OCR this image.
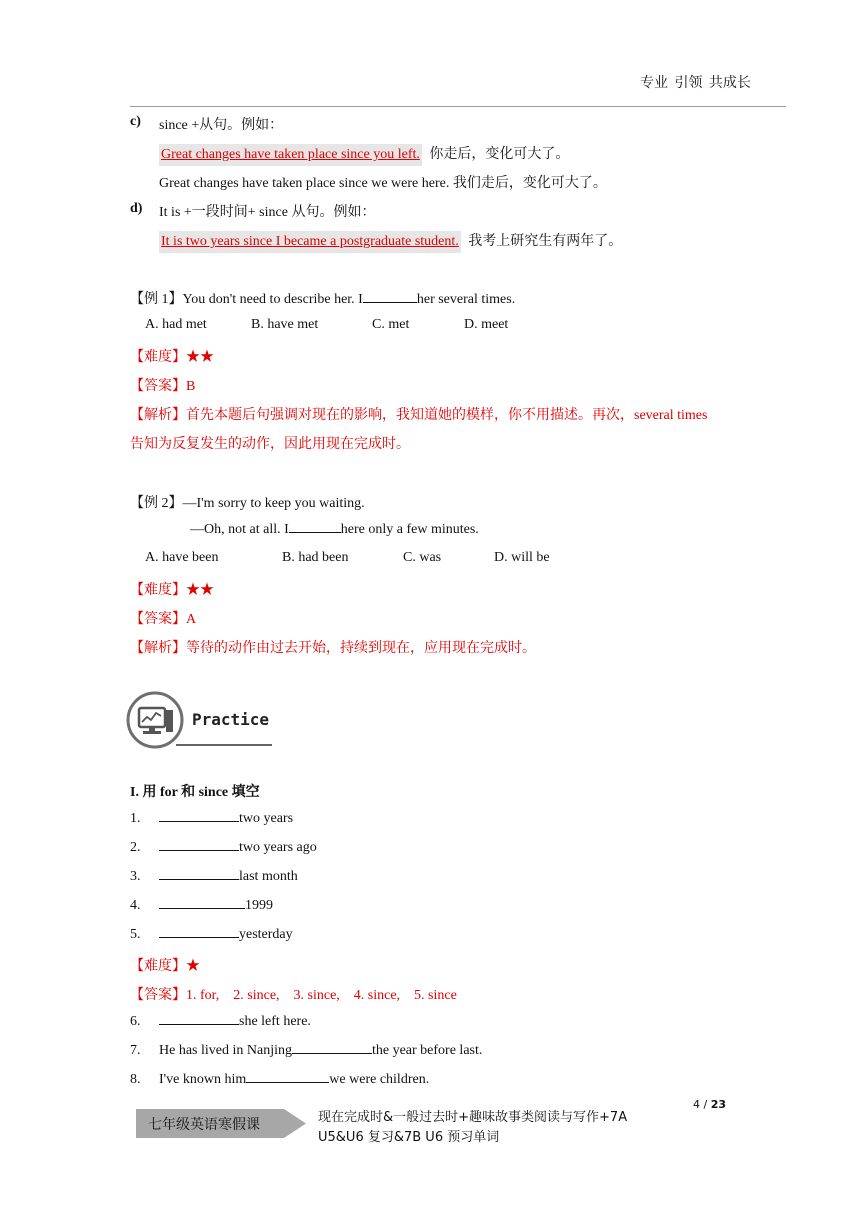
专业 引领 共成长
c) since +从句。例如：
Great changes have taken place since you left. 你走后，变化可大了。
Great changes have taken place since we were here. 我们走后，变化可大了。
d) It is +一段时间+ since 从句。例如：
It is two years since I became a postgraduate student. 我考上研究生有两年了。
【例 1】You don't need to describe her. I	her several times.
A. had met	B. have met	C. met	D. meet
【难度】★★
【答案】B
【解析】首先本题后句强调对现在的影响，我知道她的模样，你不用描述。再次，several times
告知为反复发生的动作，因此用现在完成时。
【例 2】—I'm sorry to keep you waiting.
—Oh, not at all. I	here only a few minutes.
A. have been	B. had been	C. was	D. will be
【难度】★★
【答案】A
【解析】等待的动作由过去开始，持续到现在，应用现在完成时。
Practice
I. 用 for 和 since 填空
1.	two years
2.	two years ago
3.	last month
4.	1999
5.	yesterday
【难度】★
【答案】1. for,    2. since,    3. since,    4. since,    5. since
6.	she left here.
7. He has lived in Nanjing	the year before last.
8. I've known him	we were children.
七年级英语寒假课	现在完成时&一般过去时+趣味故事类阅读与写作+7A
U5&U6 复习&7B U6 预习单词
4 / 23
